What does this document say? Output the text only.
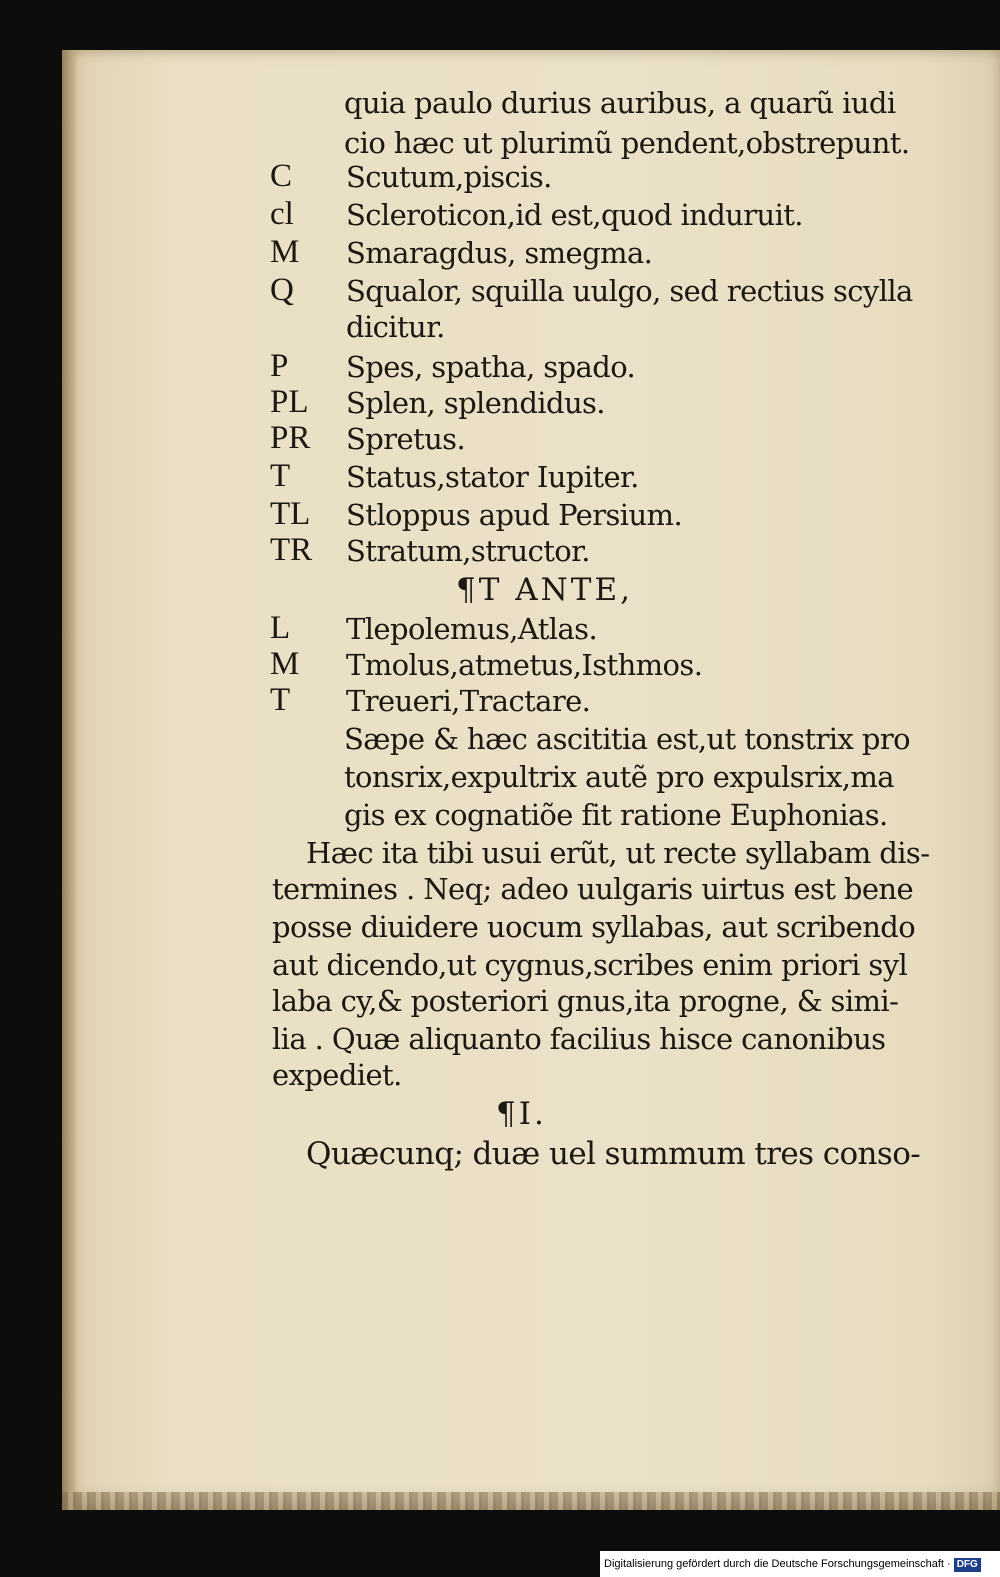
quia paulo durius auribus, a quarũ iudi
cio hæc ut plurimũ pendent,obstrepunt.
C Scutum,piscis.
cl Scleroticon,id est,quod induruit.
M Smaragdus, smegma.
Q Squalor, squilla uulgo, sed rectius scylla
dicitur.
P Spes, spatha, spado.
PL Splen, splendidus.
PR Spretus.
T Status,stator Iupiter.
TL Stloppus apud Persium.
TR Stratum,structor.
¶T ANTE,
L Tlepolemus,Atlas.
M Tmolus,atmetus,Isthmos.
T Treueri,Tractare.
Sæpe & hæc ascititia est,ut tonstrix pro
tonsrix,expultrix autẽ pro expulsrix,ma
gis ex cognatiõe fit ratione Euphonias.
Hæc ita tibi usui erũt, ut recte syllabam dis-
termines . Neq; adeo uulgaris uirtus est bene
posse diuidere uocum syllabas, aut scribendo
aut dicendo,ut cygnus,scribes enim priori syl
laba cy,& posteriori gnus,ita progne, & simi-
lia . Quæ aliquanto facilius hisce canonibus
expediet.
¶I.
Quæcunq; duæ uel summum tres conso-
Digitalisierung gefördert durch die Deutsche Forschungsgemeinschaft · DFG
